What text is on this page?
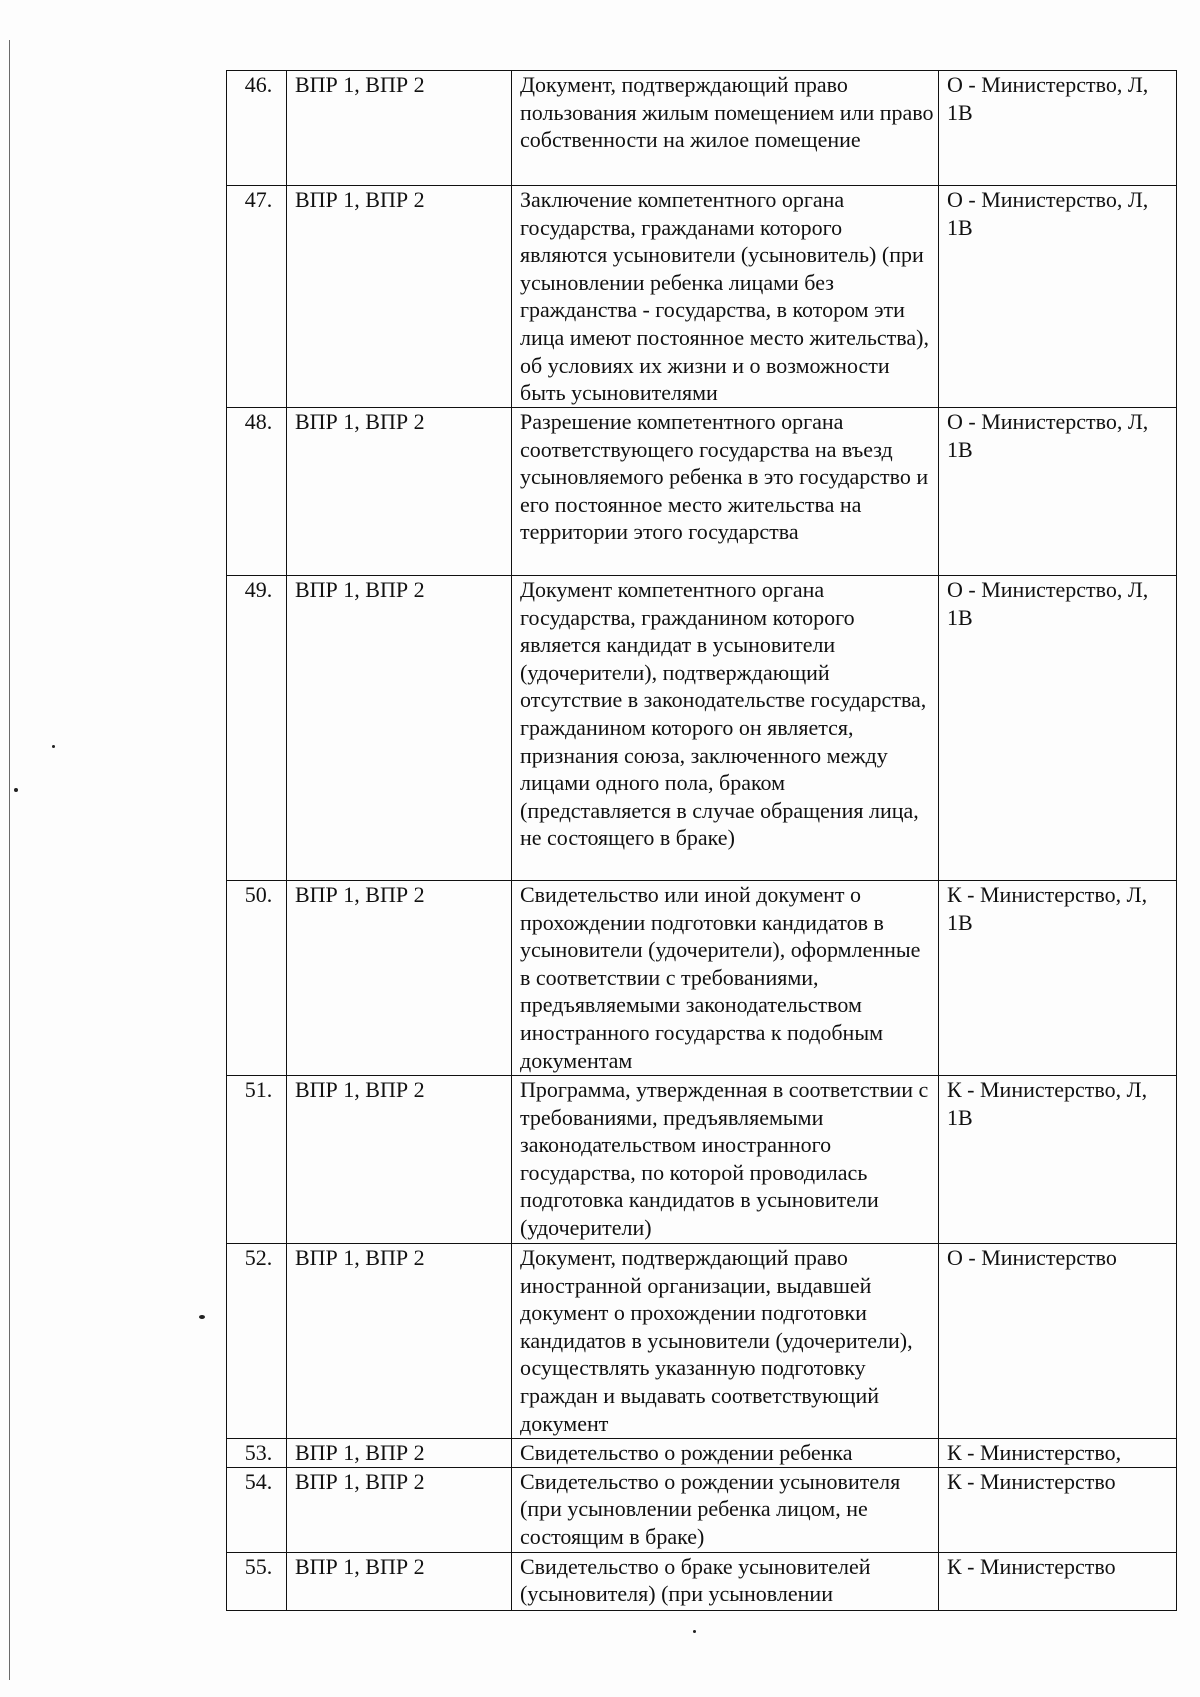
46.	ВПР 1, ВПР 2	Документ, подтверждающий право пользования жилым помещением или право собственности на жилое помещение	О - Министерство, Л, 1В
47.	ВПР 1, ВПР 2	Заключение компетентного органа государства, гражданами которого являются усыновители (усыновитель) (при усыновлении ребенка лицами без гражданства - государства, в котором эти лица имеют постоянное место жительства), об условиях их жизни и о возможности быть усыновителями	О - Министерство, Л, 1В
48.	ВПР 1, ВПР 2	Разрешение компетентного органа соответствующего государства на въезд усыновляемого ребенка в это государство и его постоянное место жительства на территории этого государства	О - Министерство, Л, 1В
49.	ВПР 1, ВПР 2	Документ компетентного органа государства, гражданином которого является кандидат в усыновители (удочерители), подтверждающий отсутствие в законодательстве государства, гражданином которого он является, признания союза, заключенного между лицами одного пола, браком (представляется в случае обращения лица, не состоящего в браке)	О - Министерство, Л, 1В
50.	ВПР 1, ВПР 2	Свидетельство или иной документ о прохождении подготовки кандидатов в усыновители (удочерители), оформленные в соответствии с требованиями, предъявляемыми законодательством иностранного государства к подобным документам	К - Министерство, Л, 1В
51.	ВПР 1, ВПР 2	Программа, утвержденная в соответствии с требованиями, предъявляемыми законодательством иностранного государства, по которой проводилась подготовка кандидатов в усыновители (удочерители)	К - Министерство, Л, 1В
52.	ВПР 1, ВПР 2	Документ, подтверждающий право иностранной организации, выдавшей документ о прохождении подготовки кандидатов в усыновители (удочерители), осуществлять указанную подготовку граждан и выдавать соответствующий документ	О - Министерство
53.	ВПР 1, ВПР 2	Свидетельство о рождении ребенка	К - Министерство,
54.	ВПР 1, ВПР 2	Свидетельство о рождении усыновителя (при усыновлении ребенка лицом, не состоящим в браке)	К - Министерство
55.	ВПР 1, ВПР 2	Свидетельство о браке усыновителей (усыновителя) (при усыновлении	К - Министерство
